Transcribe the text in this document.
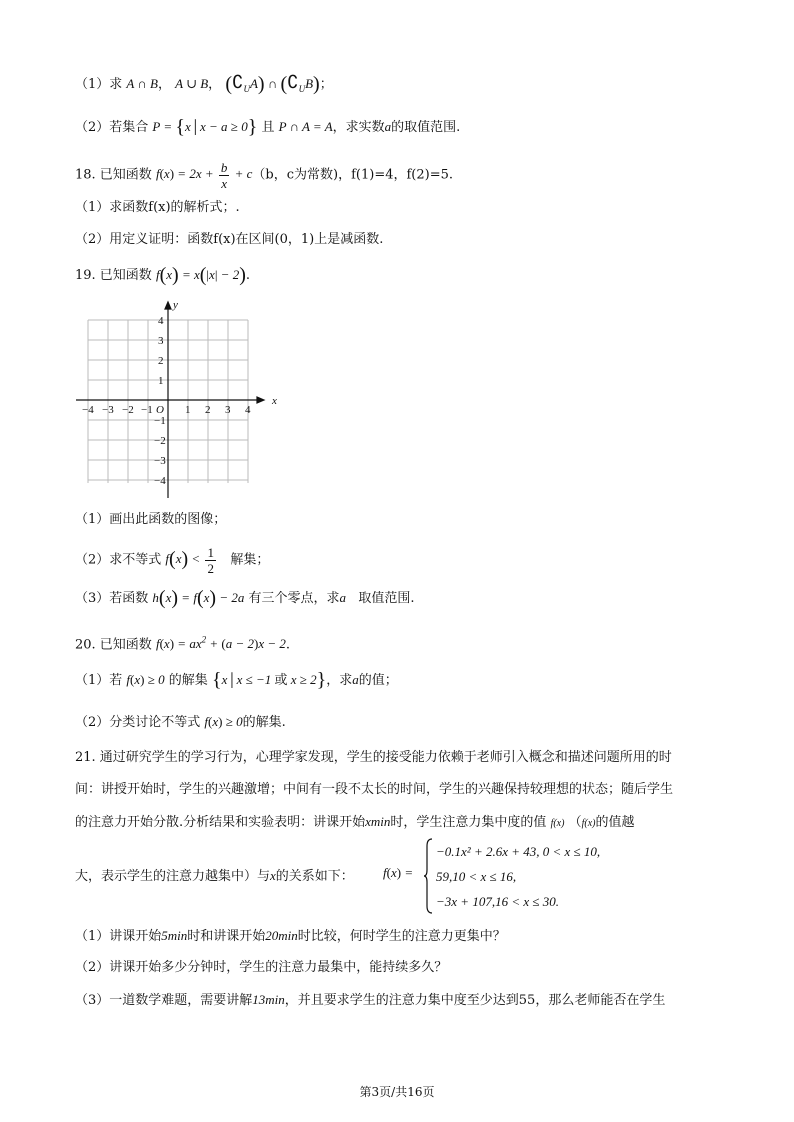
（1）求 A ∩ B， A ∪ B， $(∁_UA)$ ∩ $(∁_UB)$；
（2）若集合 P = {x│x − a ≥ 0} 且 P ∩ A = A，求实数a的取值范围.
18. 已知函数 $f(x) = 2x + \frac{b}{x} + c(b$，c为常数)，f(1)=4，f(2)=5.
（1）求函数f(x)的解析式；.
（2）用定义证明：函数f(x)在区间(0，1)上是减函数.
19. 已知函数 f(x) = x(|x| − 2).
x
y
O
−4 −3 −2 −1	1 2 3 4
4
3
2
1
−1
−2
−3
−4
（1）画出此函数的图像；
（2）求不等式 $f(x) < \frac{1}{2}$ 解集；
（3）若函数 h(x) = f(x) − 2a 有三个零点，求a 取值范围.
20. 已知函数 $f(x) = ax^2 + (a - 2)x - 2$.
（1）若 f(x) ≥ 0 的解集 {x│x ≤ −1 或 x ≥ 2}，求a的值；
（2）分类讨论不等式 f(x) ≥ 0的解集.
21. 通过研究学生的学习行为，心理学家发现，学生的接受能力依赖于老师引入概念和描述问题所用的时
间：讲授开始时，学生的兴趣激增；中间有一段不太长的时间，学生的兴趣保持较理想的状态；随后学生
的注意力开始分散.分析结果和实验表明：讲课开始xmin时，学生注意力集中度的值 f(x) （f(x)的值越
大，表示学生的注意力越集中）与x的关系如下： f(x) =
−0.1x² + 2.6x + 43, 0 < x ≤ 10,
59,10 < x ≤ 16,
−3x + 107,16 < x ≤ 30.
（1）讲课开始5min时和讲课开始20min时比较，何时学生的注意力更集中？
（2）讲课开始多少分钟时，学生的注意力最集中，能持续多久？
（3）一道数学难题，需要讲解13min，并且要求学生的注意力集中度至少达到55，那么老师能否在学生
第3页/共16页
